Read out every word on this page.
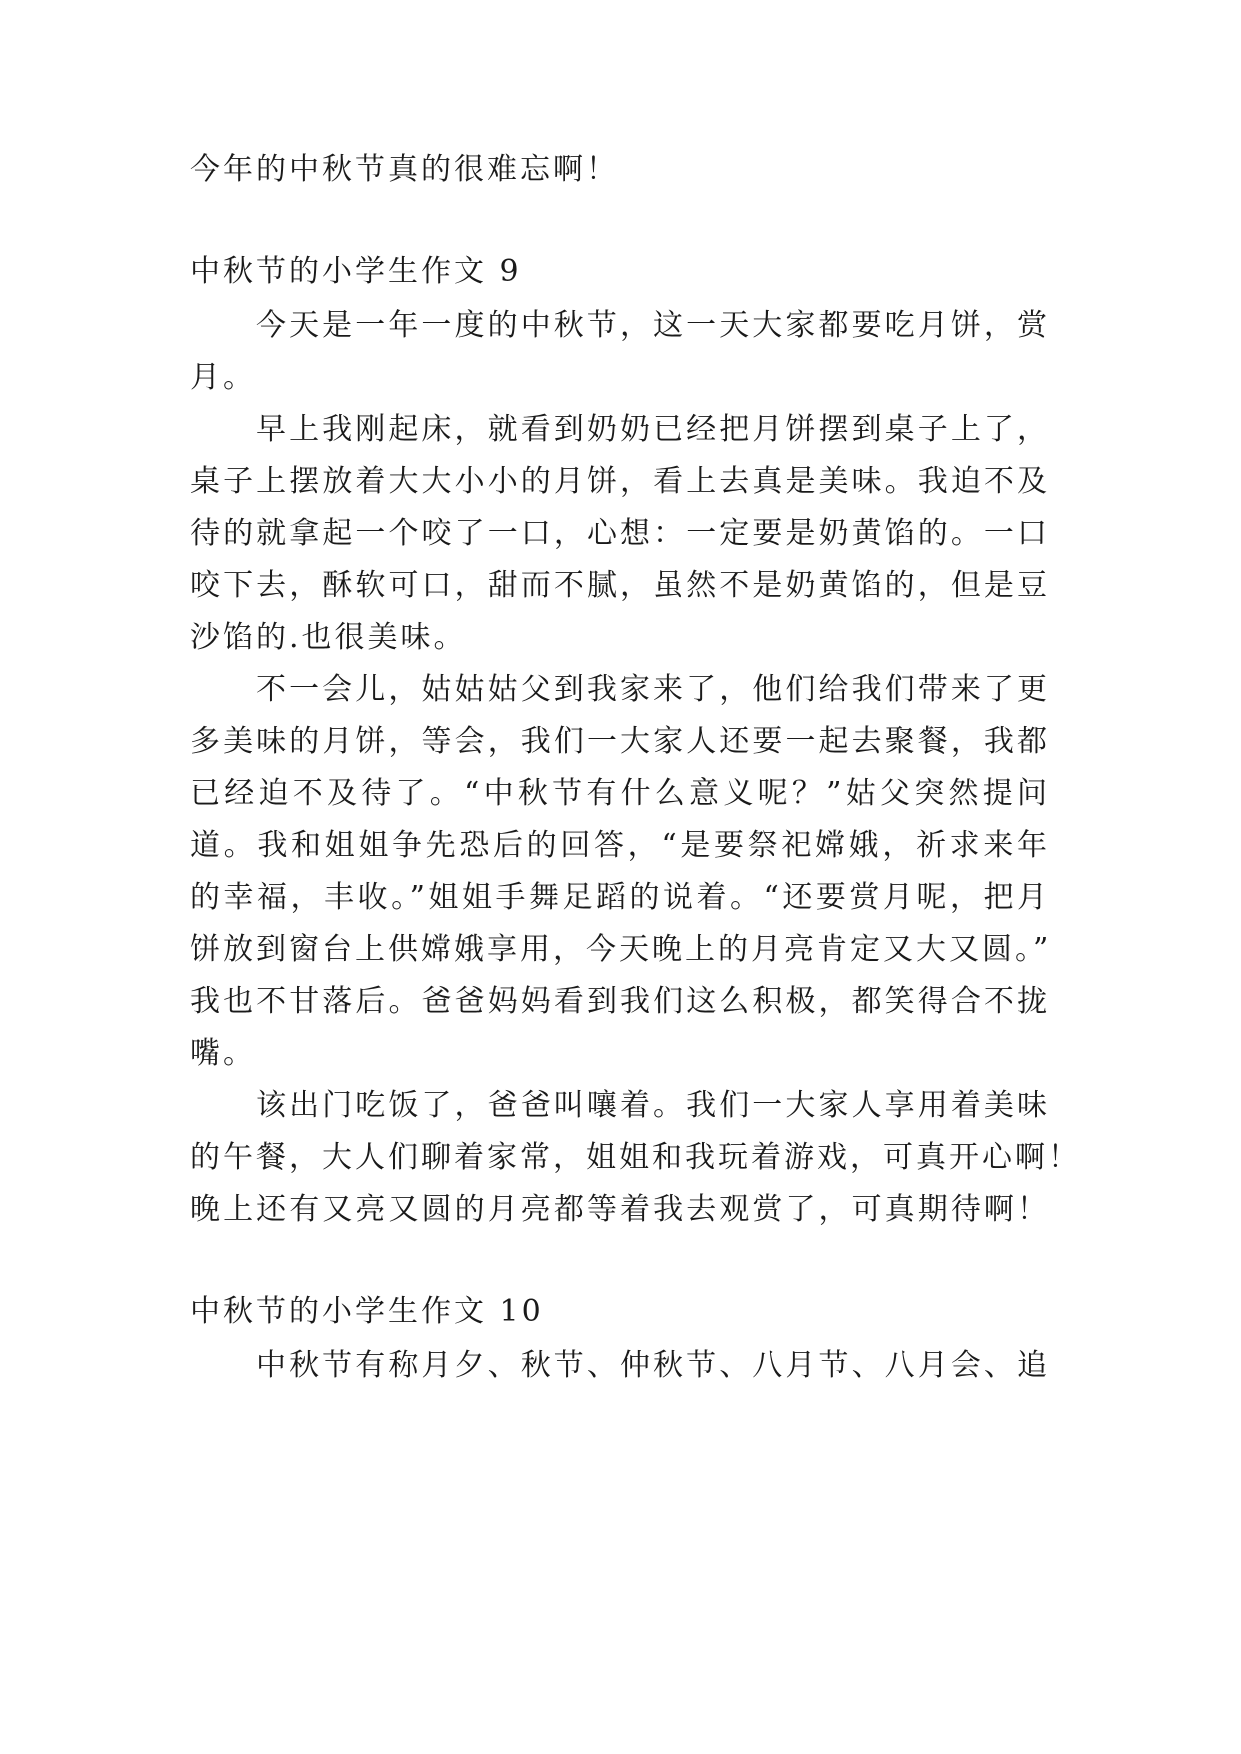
今年的中秋节真的很难忘啊！
中秋节的小学生作文 9
今天是一年一度的中秋节，这一天大家都要吃月饼，赏
月。
早上我刚起床，就看到奶奶已经把月饼摆到桌子上了，
桌子上摆放着大大小小的月饼，看上去真是美味。我迫不及
待的就拿起一个咬了一口，心想：一定要是奶黄馅的。一口
咬下去，酥软可口，甜而不腻，虽然不是奶黄馅的，但是豆
沙馅的.也很美味。
不一会儿，姑姑姑父到我家来了，他们给我们带来了更
多美味的月饼，等会，我们一大家人还要一起去聚餐，我都
已经迫不及待了。“中秋节有什么意义呢？”姑父突然提问
道。我和姐姐争先恐后的回答，“是要祭祀嫦娥，祈求来年
的幸福，丰收。”姐姐手舞足蹈的说着。“还要赏月呢，把月
饼放到窗台上供嫦娥享用，今天晚上的月亮肯定又大又圆。”
我也不甘落后。爸爸妈妈看到我们这么积极，都笑得合不拢
嘴。
该出门吃饭了，爸爸叫嚷着。我们一大家人享用着美味
的午餐，大人们聊着家常，姐姐和我玩着游戏，可真开心啊！
晚上还有又亮又圆的月亮都等着我去观赏了，可真期待啊！
中秋节的小学生作文 10
中秋节有称月夕、秋节、仲秋节、八月节、八月会、追
